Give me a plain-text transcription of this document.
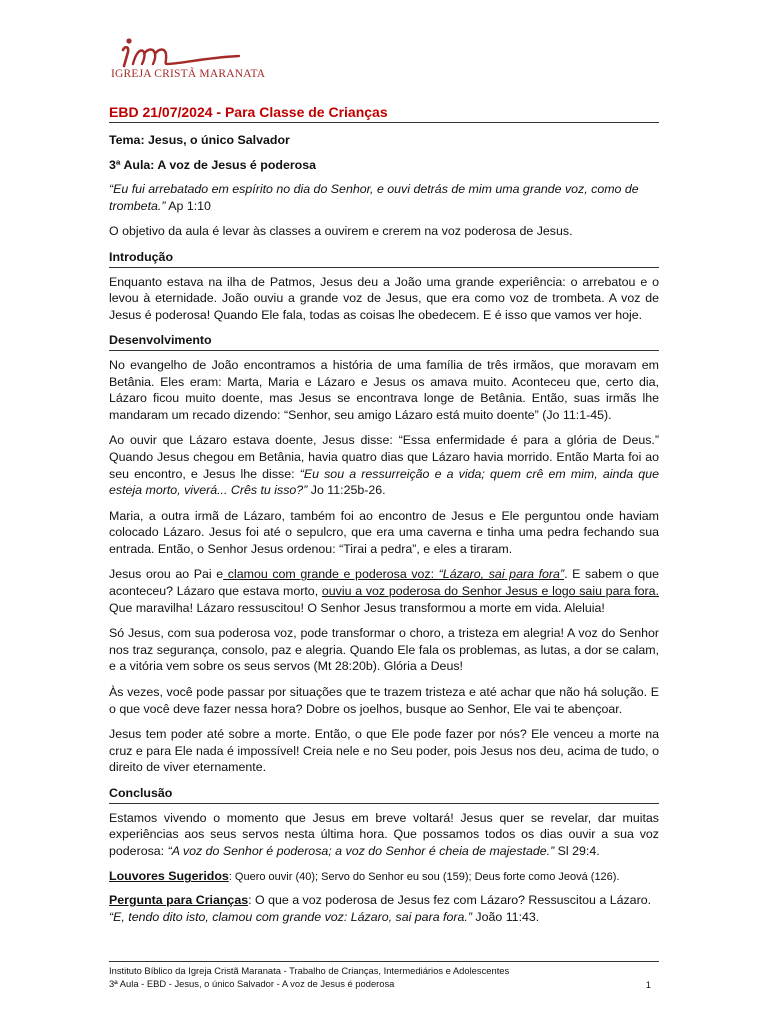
IGREJA CRISTÃ MARANATA
EBD 21/07/2024 - Para Classe de Crianças

Tema: Jesus, o único Salvador

3ª Aula: A voz de Jesus é poderosa

“Eu fui arrebatado em espírito no dia do Senhor, e ouvi detrás de mim uma grande voz, como de trombeta.” Ap 1:10

O objetivo da aula é levar às classes a ouvirem e crerem na voz poderosa de Jesus.

Introdução

Enquanto estava na ilha de Patmos, Jesus deu a João uma grande experiência: o arrebatou e o levou à eternidade. João ouviu a grande voz de Jesus, que era como voz de trombeta. A voz de Jesus é poderosa! Quando Ele fala, todas as coisas lhe obedecem. E é isso que vamos ver hoje.

Desenvolvimento

No evangelho de João encontramos a história de uma família de três irmãos, que moravam em Betânia. Eles eram: Marta, Maria e Lázaro e Jesus os amava muito. Aconteceu que, certo dia, Lázaro ficou muito doente, mas Jesus se encontrava longe de Betânia. Então, suas irmãs lhe mandaram um recado dizendo: “Senhor, seu amigo Lázaro está muito doente” (Jo 11:1-45).

Ao ouvir que Lázaro estava doente, Jesus disse: “Essa enfermidade é para a glória de Deus.” Quando Jesus chegou em Betânia, havia quatro dias que Lázaro havia morrido. Então Marta foi ao seu encontro, e Jesus lhe disse: “Eu sou a ressurreição e a vida; quem crê em mim, ainda que esteja morto, viverá... Crês tu isso?” Jo 11:25b-26.

Maria, a outra irmã de Lázaro, também foi ao encontro de Jesus e Ele perguntou onde haviam colocado Lázaro. Jesus foi até o sepulcro, que era uma caverna e tinha uma pedra fechando sua entrada. Então, o Senhor Jesus ordenou: “Tirai a pedra”, e eles a tiraram.

Jesus orou ao Pai e clamou com grande e poderosa voz: “Lázaro, sai para fora”. E sabem o que aconteceu? Lázaro que estava morto, ouviu a voz poderosa do Senhor Jesus e logo saiu para fora. Que maravilha! Lázaro ressuscitou! O Senhor Jesus transformou a morte em vida. Aleluia!

Só Jesus, com sua poderosa voz, pode transformar o choro, a tristeza em alegria! A voz do Senhor nos traz segurança, consolo, paz e alegria. Quando Ele fala os problemas, as lutas, a dor se calam, e a vitória vem sobre os seus servos (Mt 28:20b). Glória a Deus!

Às vezes, você pode passar por situações que te trazem tristeza e até achar que não há solução. E o que você deve fazer nessa hora? Dobre os joelhos, busque ao Senhor, Ele vai te abençoar.

Jesus tem poder até sobre a morte. Então, o que Ele pode fazer por nós? Ele venceu a morte na cruz e para Ele nada é impossível! Creia nele e no Seu poder, pois Jesus nos deu, acima de tudo, o direito de viver eternamente.

Conclusão

Estamos vivendo o momento que Jesus em breve voltará! Jesus quer se revelar, dar muitas experiências aos seus servos nesta última hora. Que possamos todos os dias ouvir a sua voz poderosa: “A voz do Senhor é poderosa; a voz do Senhor é cheia de majestade.” Sl 29:4.

Louvores Sugeridos: Quero ouvir (40); Servo do Senhor eu sou (159); Deus forte como Jeová (126).

Pergunta para Crianças: O que a voz poderosa de Jesus fez com Lázaro? Ressuscitou a Lázaro.
“E, tendo dito isto, clamou com grande voz: Lázaro, sai para fora.” João 11:43.

Instituto Bíblico da Igreja Cristã Maranata - Trabalho de Crianças, Intermediários e Adolescentes
3ª Aula - EBD - Jesus, o único Salvador - A voz de Jesus é poderosa	1
